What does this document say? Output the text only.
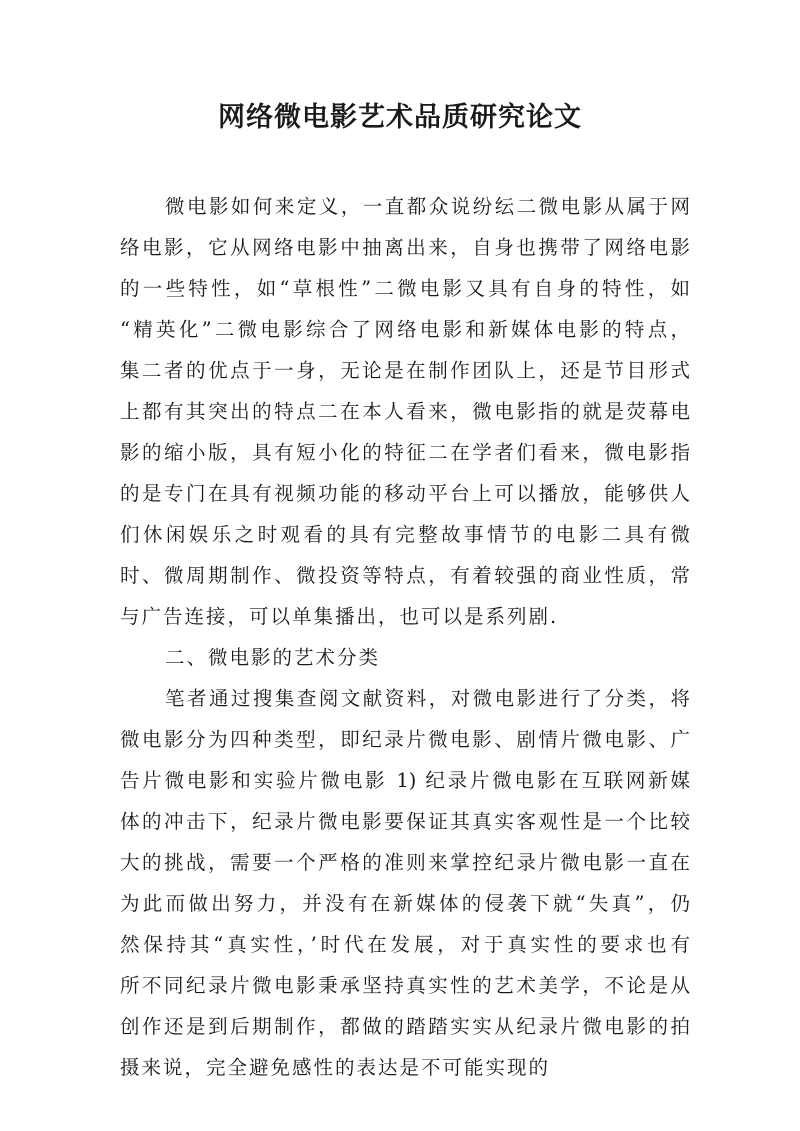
网络微电影艺术品质研究论文

微电影如何来定义，一直都众说纷纭二微电影从属于网

络电影，它从网络电影中抽离出来，自身也携带了网络电影

的一些特性，如“草根性”二微电影又具有自身的特性，如

“精英化”二微电影综合了网络电影和新媒体电影的特点，

集二者的优点于一身，无论是在制作团队上，还是节目形式

上都有其突出的特点二在本人看来，微电影指的就是荧幕电

影的缩小版，具有短小化的特征二在学者们看来，微电影指

的是专门在具有视频功能的移动平台上可以播放，能够供人

们休闲娱乐之时观看的具有完整故事情节的电影二具有微

时、微周期制作、微投资等特点，有着较强的商业性质，常

与广告连接，可以单集播出，也可以是系列剧.

二、微电影的艺术分类

笔者通过搜集查阅文献资料，对微电影进行了分类，将

微电影分为四种类型，即纪录片微电影、剧情片微电影、广

告片微电影和实验片微电影 1) 纪录片微电影在互联网新媒

体的冲击下，纪录片微电影要保证其真实客观性是一个比较

大的挑战，需要一个严格的准则来掌控纪录片微电影一直在

为此而做出努力，并没有在新媒体的侵袭下就“失真”，仍

然保持其“真实性，’时代在发展，对于真实性的要求也有

所不同纪录片微电影秉承坚持真实性的艺术美学，不论是从

创作还是到后期制作，都做的踏踏实实从纪录片微电影的拍

摄来说，完全避免感性的表达是不可能实现的
